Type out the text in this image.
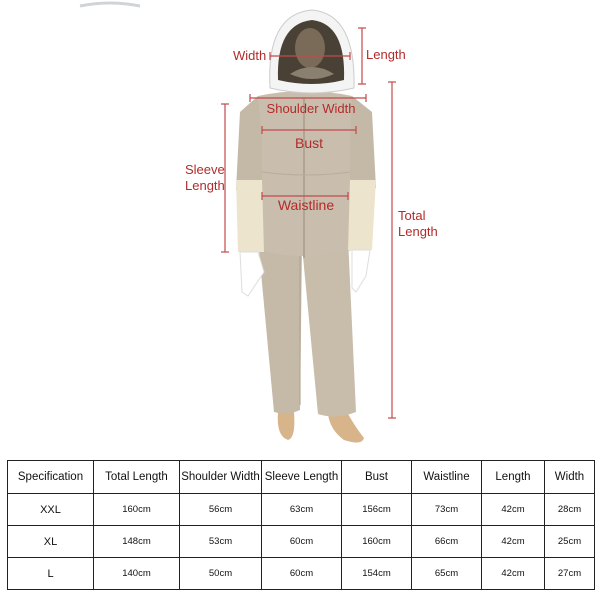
Width	Length
Shoulder Width
Bust
Sleeve Length
Waistline
Total Length
Specification	Total Length	Shoulder Width	Sleeve Length	Bust	Waistline	Length	Width
XXL	160cm	56cm	63cm	156cm	73cm	42cm	28cm
XL	148cm	53cm	60cm	160cm	66cm	42cm	25cm
L	140cm	50cm	60cm	154cm	65cm	42cm	27cm
